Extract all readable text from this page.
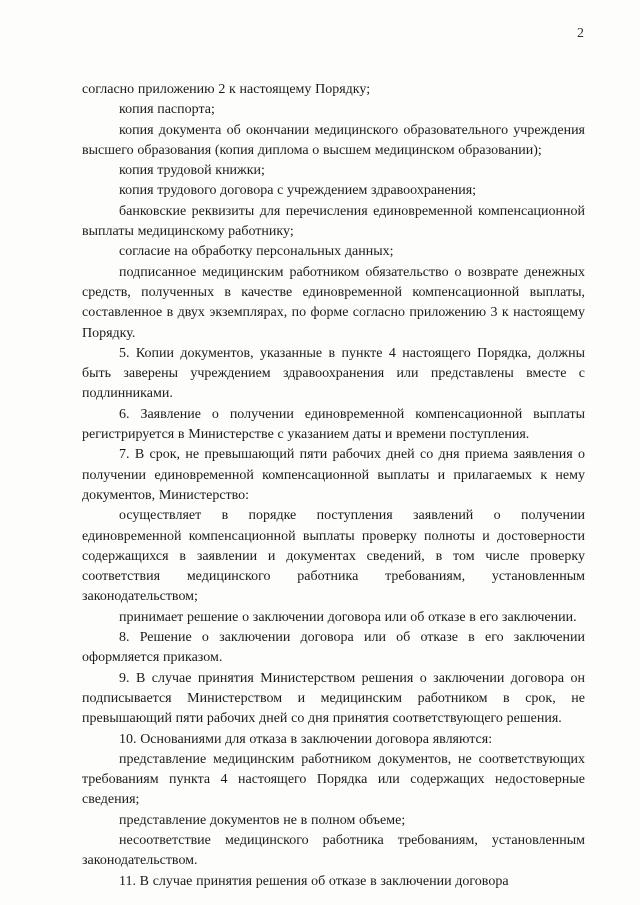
2

согласно приложению 2 к настоящему Порядку;

копия паспорта;

копия документа об окончании медицинского образовательного учреждения высшего образования (копия диплома о высшем медицинском образовании);

копия трудовой книжки;

копия трудового договора с учреждением здравоохранения;

банковские реквизиты для перечисления единовременной компенсационной выплаты медицинскому работнику;

согласие на обработку персональных данных;

подписанное медицинским работником обязательство о возврате денежных средств, полученных в качестве единовременной компенсационной выплаты, составленное в двух экземплярах, по форме согласно приложению 3 к настоящему Порядку.

5. Копии документов, указанные в пункте 4 настоящего Порядка, должны быть заверены учреждением здравоохранения или представлены вместе с подлинниками.

6. Заявление о получении единовременной компенсационной выплаты регистрируется в Министерстве с указанием даты и времени поступления.

7. В срок, не превышающий пяти рабочих дней со дня приема заявления о получении единовременной компенсационной выплаты и прилагаемых к нему документов, Министерство:

осуществляет в порядке поступления заявлений о получении единовременной компенсационной выплаты проверку полноты и достоверности содержащихся в заявлении и документах сведений, в том числе проверку соответствия медицинского работника требованиям, установленным законодательством;

принимает решение о заключении договора или об отказе в его заключении.

8. Решение о заключении договора или об отказе в его заключении оформляется приказом.

9. В случае принятия Министерством решения о заключении договора он подписывается Министерством и медицинским работником в срок, не превышающий пяти рабочих дней со дня принятия соответствующего решения.

10. Основаниями для отказа в заключении договора являются:

представление медицинским работником документов, не соответствующих требованиям пункта 4 настоящего Порядка или содержащих недостоверные сведения;

представление документов не в полном объеме;

несоответствие медицинского работника требованиям, установленным законодательством.

11. В случае принятия решения об отказе в заключении договора
